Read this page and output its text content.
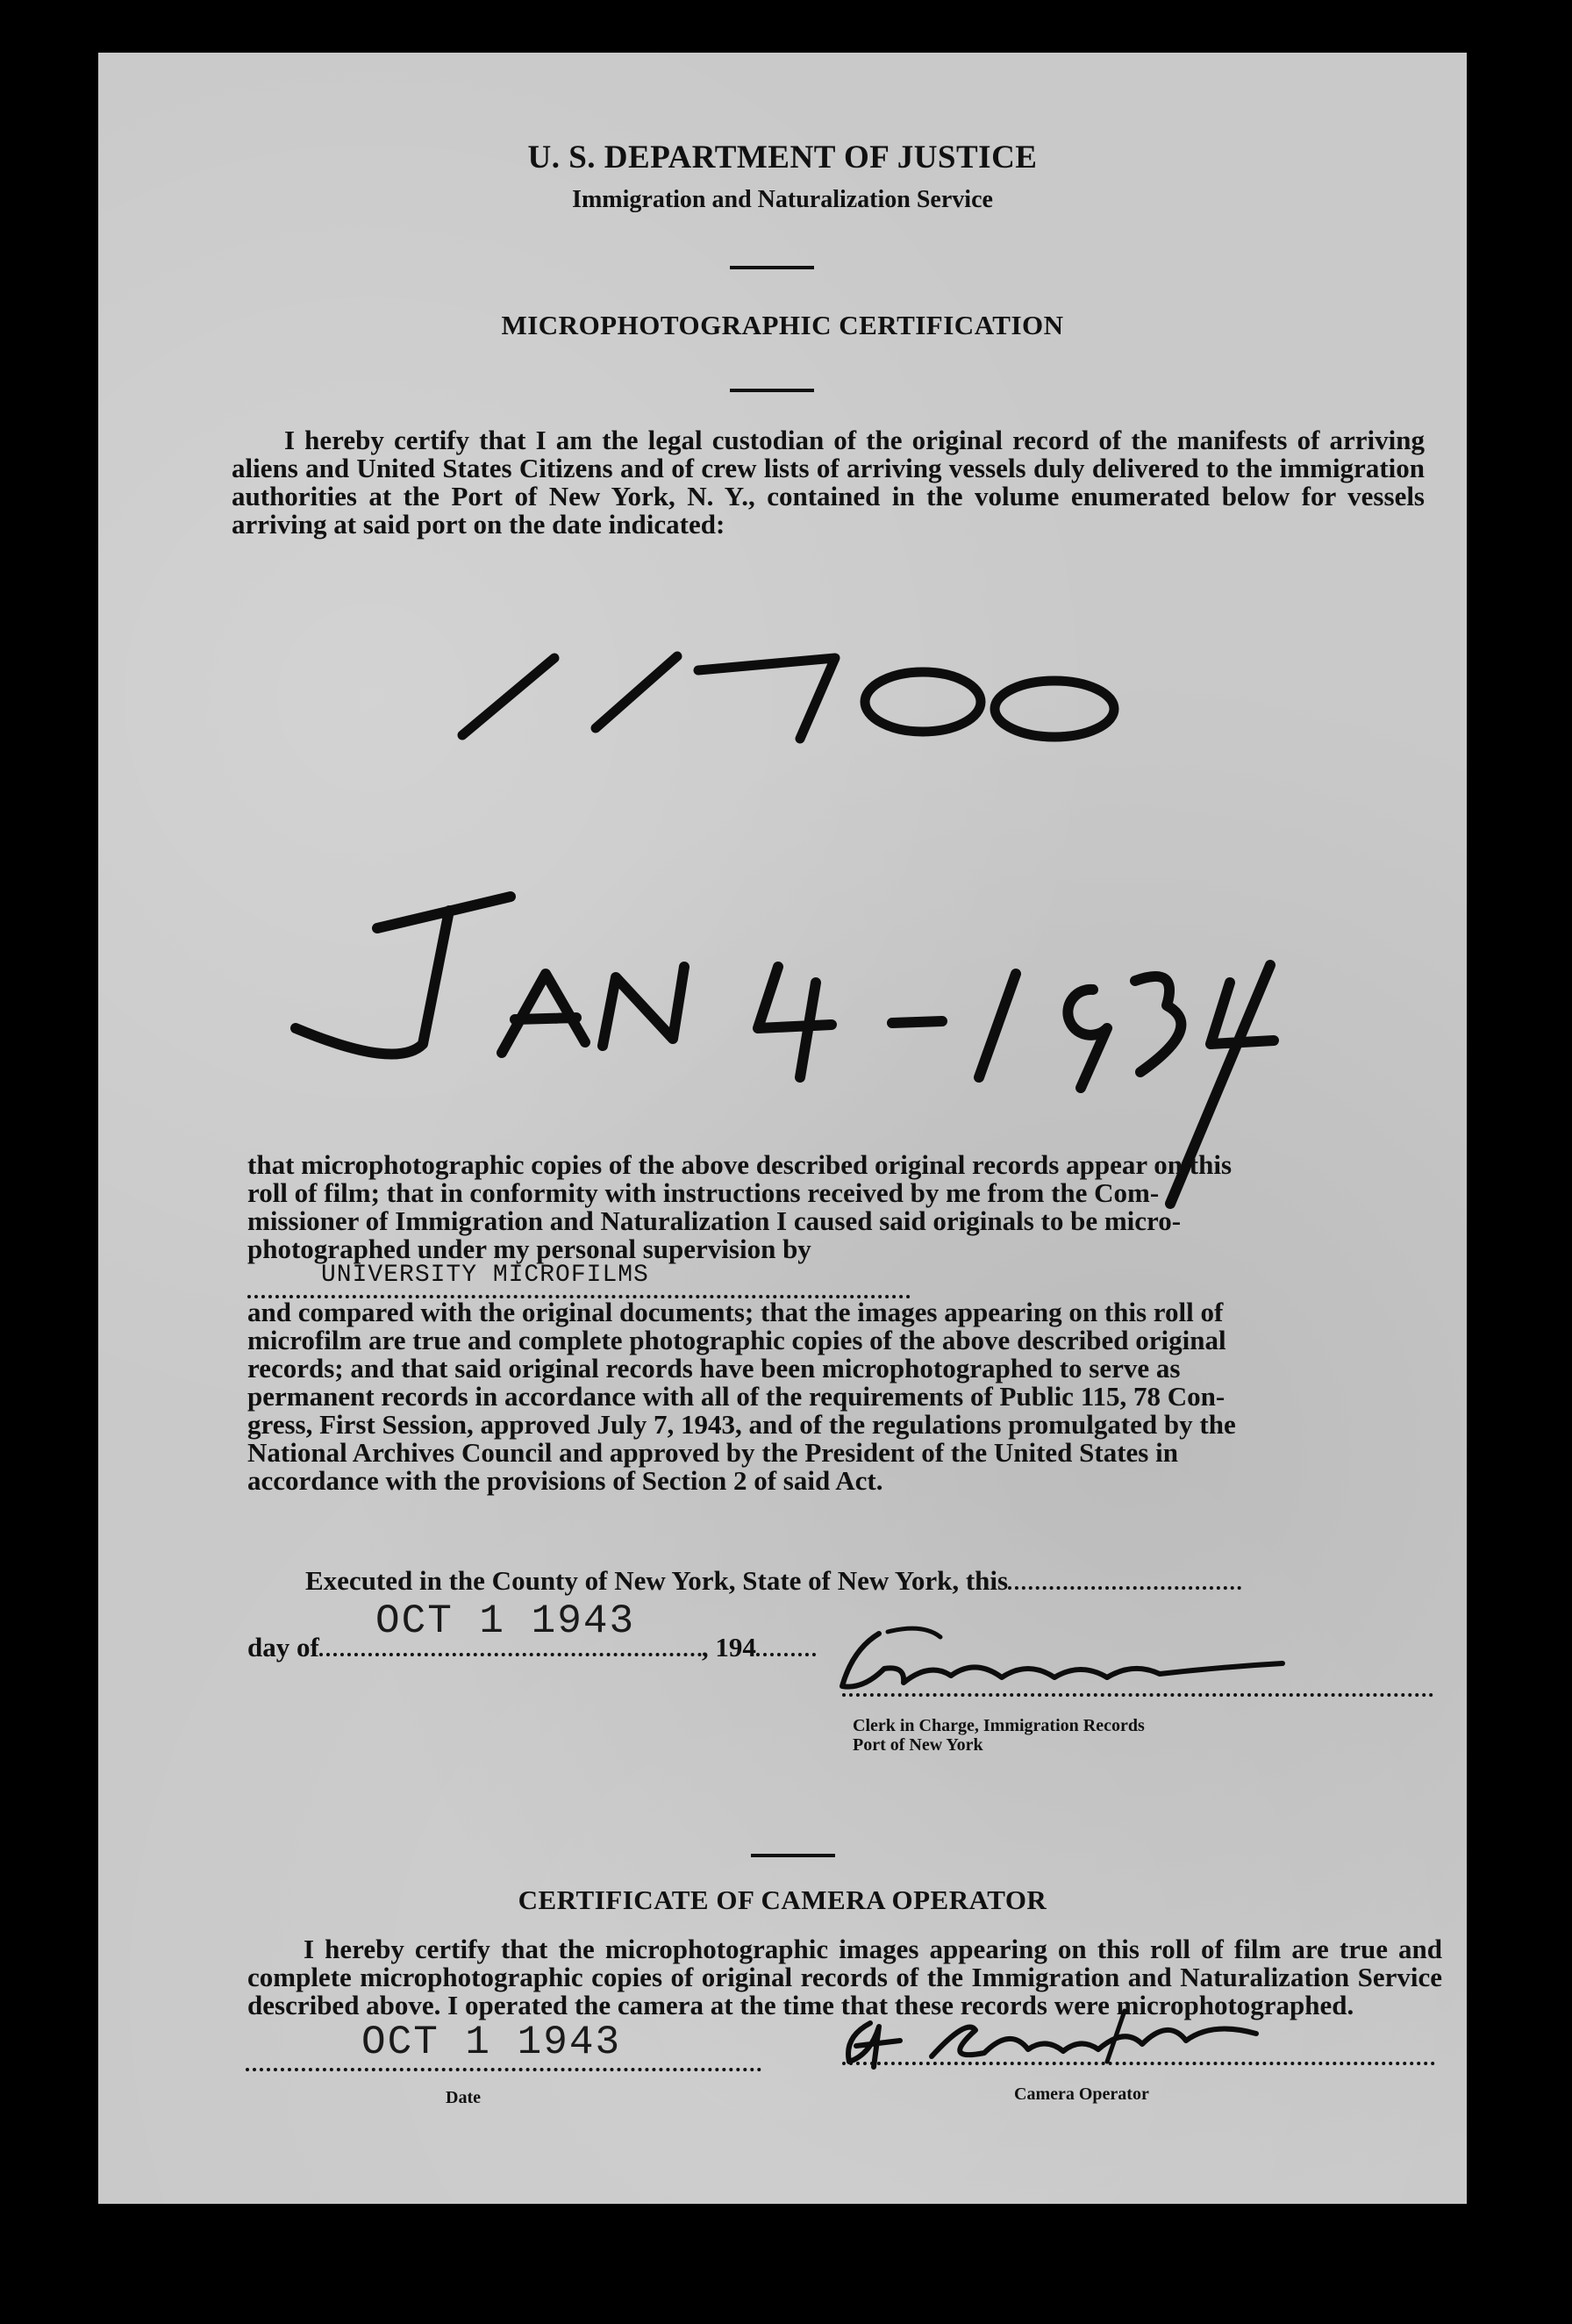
U. S. DEPARTMENT OF JUSTICE
Immigration and Naturalization Service
MICROPHOTOGRAPHIC CERTIFICATION
I hereby certify that I am the legal custodian of the original record of the manifests of arriving aliens and United States Citizens and of crew lists of arriving vessels duly delivered to the immigration authorities at the Port of New York, N. Y., contained in the volume enumerated below for vessels arriving at said port on the date indicated:
that microphotographic copies of the above described original records appear on this
roll of film; that in conformity with instructions received by me from the Com-
missioner of Immigration and Naturalization I caused said originals to be micro-
photographed under my personal supervision byUNIVERSITY MICROFILMS
and compared with the original documents; that the images appearing on this roll of
microfilm are true and complete photographic copies of the above described original
records; and that said original records have been microphotographed to serve as
permanent records in accordance with all of the requirements of Public 115, 78 Con-
gress, First Session, approved July 7, 1943, and of the regulations promulgated by the
National Archives Council and approved by the President of the United States in
accordance with the provisions of Section 2 of said Act.
Executed in the County of New York, State of New York, this
day of	, 194
OCT 1 1943
Clerk in Charge, Immigration Records
Port of New York
CERTIFICATE OF CAMERA OPERATOR
I hereby certify that the microphotographic images appearing on this roll of film are true and complete microphotographic copies of original records of the Immigration and Naturalization Service described above. I operated the camera at the time that these records were microphotographed.
OCT 1 1943
Date	Camera Operator
